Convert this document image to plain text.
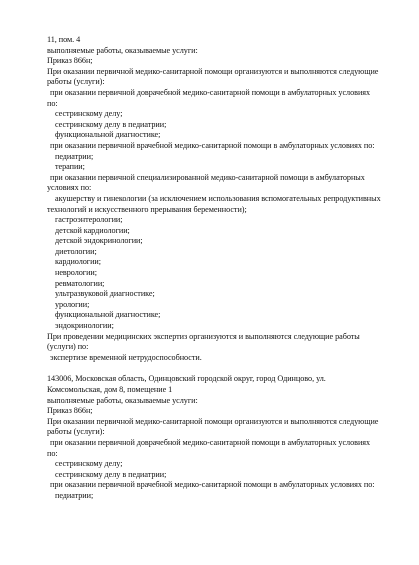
11, пом. 4
выполняемые работы, оказываемые услуги:
Приказ 866н;
При оказании первичной медико-санитарной помощи организуются и выполняются следующие
работы (услуги):
при оказании первичной доврачебной медико-санитарной помощи в амбулаторных условиях
по:
сестринскому делу;
сестринскому делу в педиатрии;
функциональной диагностике;
при оказании первичной врачебной медико-санитарной помощи в амбулаторных условиях по:
педиатрии;
терапии;
при оказании первичной специализированной медико-санитарной помощи в амбулаторных
условиях по:
акушерству и гинекологии (за исключением использования вспомогательных репродуктивных
технологий и искусственного прерывания беременности);
гастроэнтерологии;
детской кардиологии;
детской эндокринологии;
диетологии;
кардиологии;
неврологии;
ревматологии;
ультразвуковой диагностике;
урологии;
функциональной диагностике;
эндокринологии;
При проведении медицинских экспертиз организуются и выполняются следующие работы
(услуги) по:
экспертизе временной нетрудоспособности.
143006, Московская область, Одинцовский городской округ, город Одинцово, ул.
Комсомольская, дом 8, помещение 1
выполняемые работы, оказываемые услуги:
Приказ 866н;
При оказании первичной медико-санитарной помощи организуются и выполняются следующие
работы (услуги):
при оказании первичной доврачебной медико-санитарной помощи в амбулаторных условиях
по:
сестринскому делу;
сестринскому делу в педиатрии;
при оказании первичной врачебной медико-санитарной помощи в амбулаторных условиях по:
педиатрии;
